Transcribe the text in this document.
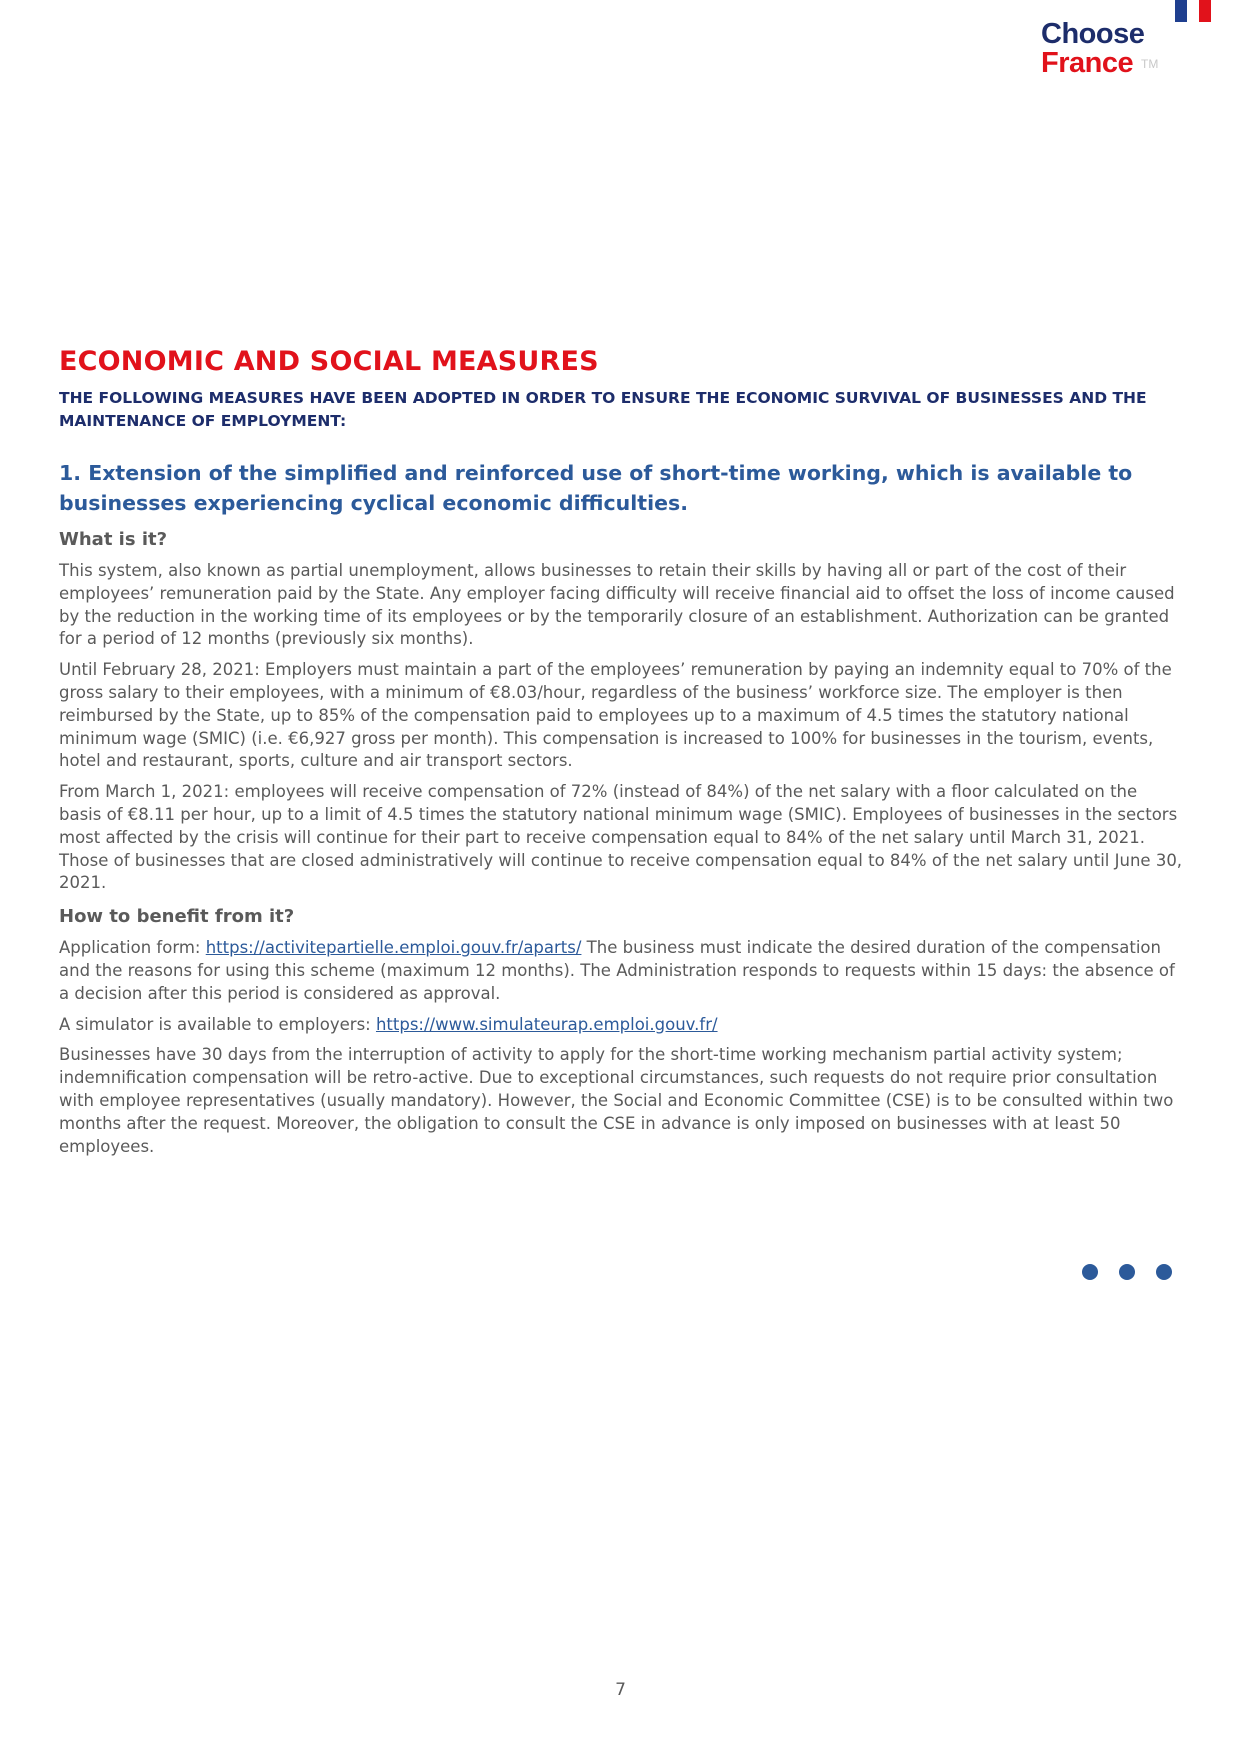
Choose
France TM
ECONOMIC AND SOCIAL MEASURES
THE FOLLOWING MEASURES HAVE BEEN ADOPTED IN ORDER TO ENSURE THE ECONOMIC SURVIVAL OF BUSINESSES AND THE MAINTENANCE OF EMPLOYMENT:
1. Extension of the simplified and reinforced use of short-time working, which is available to businesses experiencing cyclical economic difficulties.
What is it?

This system, also known as partial unemployment, allows businesses to retain their skills by having all or part of the cost of their employees’ remuneration paid by the State. Any employer facing difficulty will receive financial aid to offset the loss of income caused by the reduction in the working time of its employees or by the temporarily closure of an establishment. Authorization can be granted for a period of 12 months (previously six months).

Until February 28, 2021: Employers must maintain a part of the employees’ remuneration by paying an indemnity equal to 70% of the gross salary to their employees, with a minimum of €8.03/hour, regardless of the business’ workforce size. The employer is then reimbursed by the State, up to 85% of the compensation paid to employees up to a maximum of 4.5 times the statutory national minimum wage (SMIC) (i.e. €6,927 gross per month). This compensation is increased to 100% for businesses in the tourism, events, hotel and restaurant, sports, culture and air transport sectors.

From March 1, 2021: employees will receive compensation of 72% (instead of 84%) of the net salary with a floor calculated on the basis of €8.11 per hour, up to a limit of 4.5 times the statutory national minimum wage (SMIC). Employees of businesses in the sectors most affected by the crisis will continue for their part to receive compensation equal to 84% of the net salary until March 31, 2021. Those of businesses that are closed administratively will continue to receive compensation equal to 84% of the net salary until June 30, 2021.

How to benefit from it?

Application form: https://activitepartielle.emploi.gouv.fr/aparts/ The business must indicate the desired duration of the compensation and the reasons for using this scheme (maximum 12 months). The Administration responds to requests within 15 days: the absence of a decision after this period is considered as approval.

A simulator is available to employers: https://www.simulateurap.emploi.gouv.fr/

Businesses have 30 days from the interruption of activity to apply for the short-time working mechanism partial activity system; indemnification compensation will be retro-active. Due to exceptional circumstances, such requests do not require prior consultation with employee representatives (usually mandatory). However, the Social and Economic Committee (CSE) is to be consulted within two months after the request. Moreover, the obligation to consult the CSE in advance is only imposed on businesses with at least 50 employees.

7
